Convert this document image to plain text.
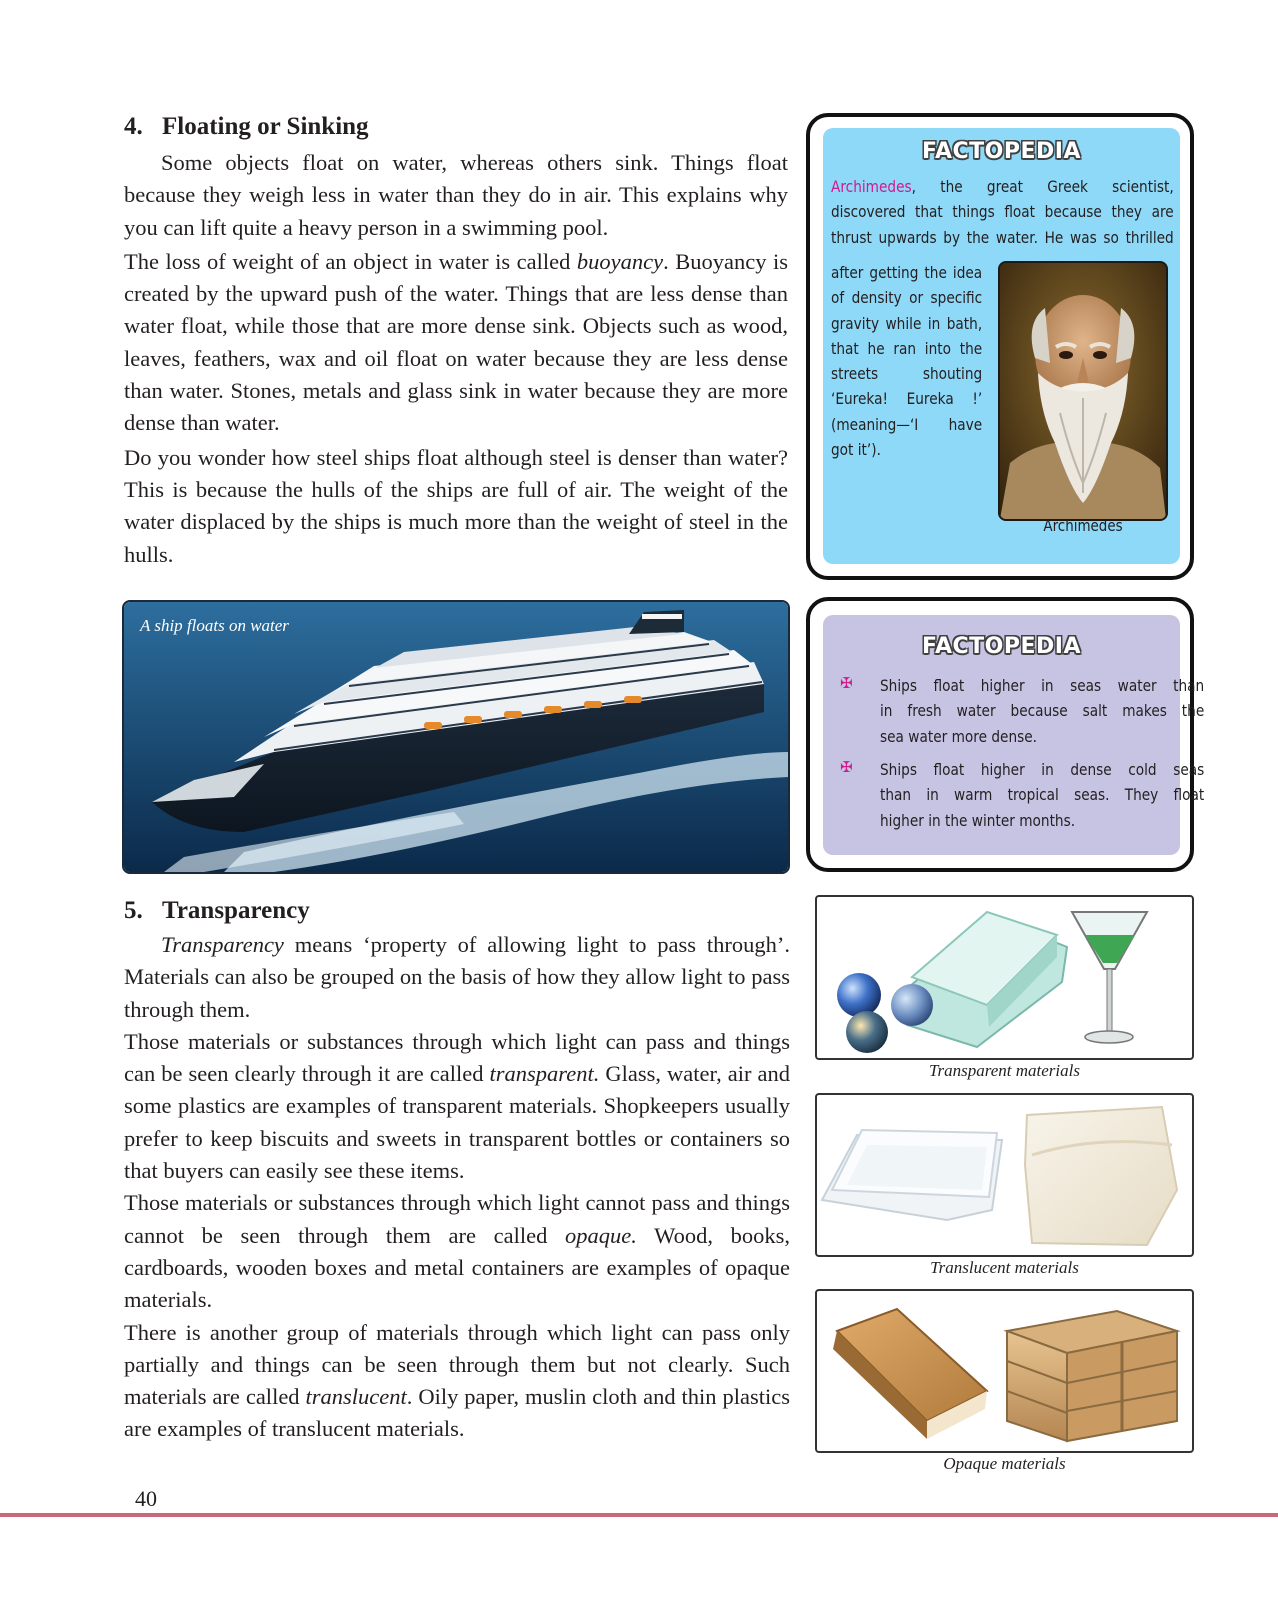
4. Floating or Sinking

Some objects float on water, whereas others sink. Things float because they weigh less in water than they do in air. This explains why you can lift quite a heavy person in a swimming pool.

The loss of weight of an object in water is called buoyancy. Buoyancy is created by the upward push of the water. Things that are less dense than water float, while those that are more dense sink. Objects such as wood, leaves, feathers, wax and oil float on water because they are less dense than water. Stones, metals and glass sink in water because they are more dense than water.

Do you wonder how steel ships float although steel is denser than water? This is because the hulls of the ships are full of air. The weight of the water displaced by the ships is much more than the weight of steel in the hulls.

A ship floats on water
FACTOPEDIA
Archimedes, the great Greek scientist,
discovered that things float because they are
thrust upwards by the water. He was so thrilled
after getting the idea
of density or specific
gravity while in bath,
that he ran into the
streets shouting
‘Eureka! Eureka !’
(meaning—‘I have
got it’).
Archimedes
FACTOPEDIA
✠ Ships float higher in seas water than
in fresh water because salt makes the
sea water more dense.
✠ Ships float higher in dense cold seas
than in warm tropical seas. They float
higher in the winter months.
5. Transparency

Transparency means ‘property of allowing light to pass through’. Materials can also be grouped on the basis of how they allow light to pass through them.

Those materials or substances through which light can pass and things can be seen clearly through it are called transparent. Glass, water, air and some plastics are examples of transparent materials. Shopkeepers usually prefer to keep biscuits and sweets in transparent bottles or containers so that buyers can easily see these items.

Those materials or substances through which light cannot pass and things cannot be seen through them are called opaque. Wood, books, cardboards, wooden boxes and metal containers are examples of opaque materials.

There is another group of materials through which light can pass only partially and things can be seen through them but not clearly. Such materials are called translucent. Oily paper, muslin cloth and thin plastics are examples of translucent materials.

Transparent materials
Translucent materials
Opaque materials
40
